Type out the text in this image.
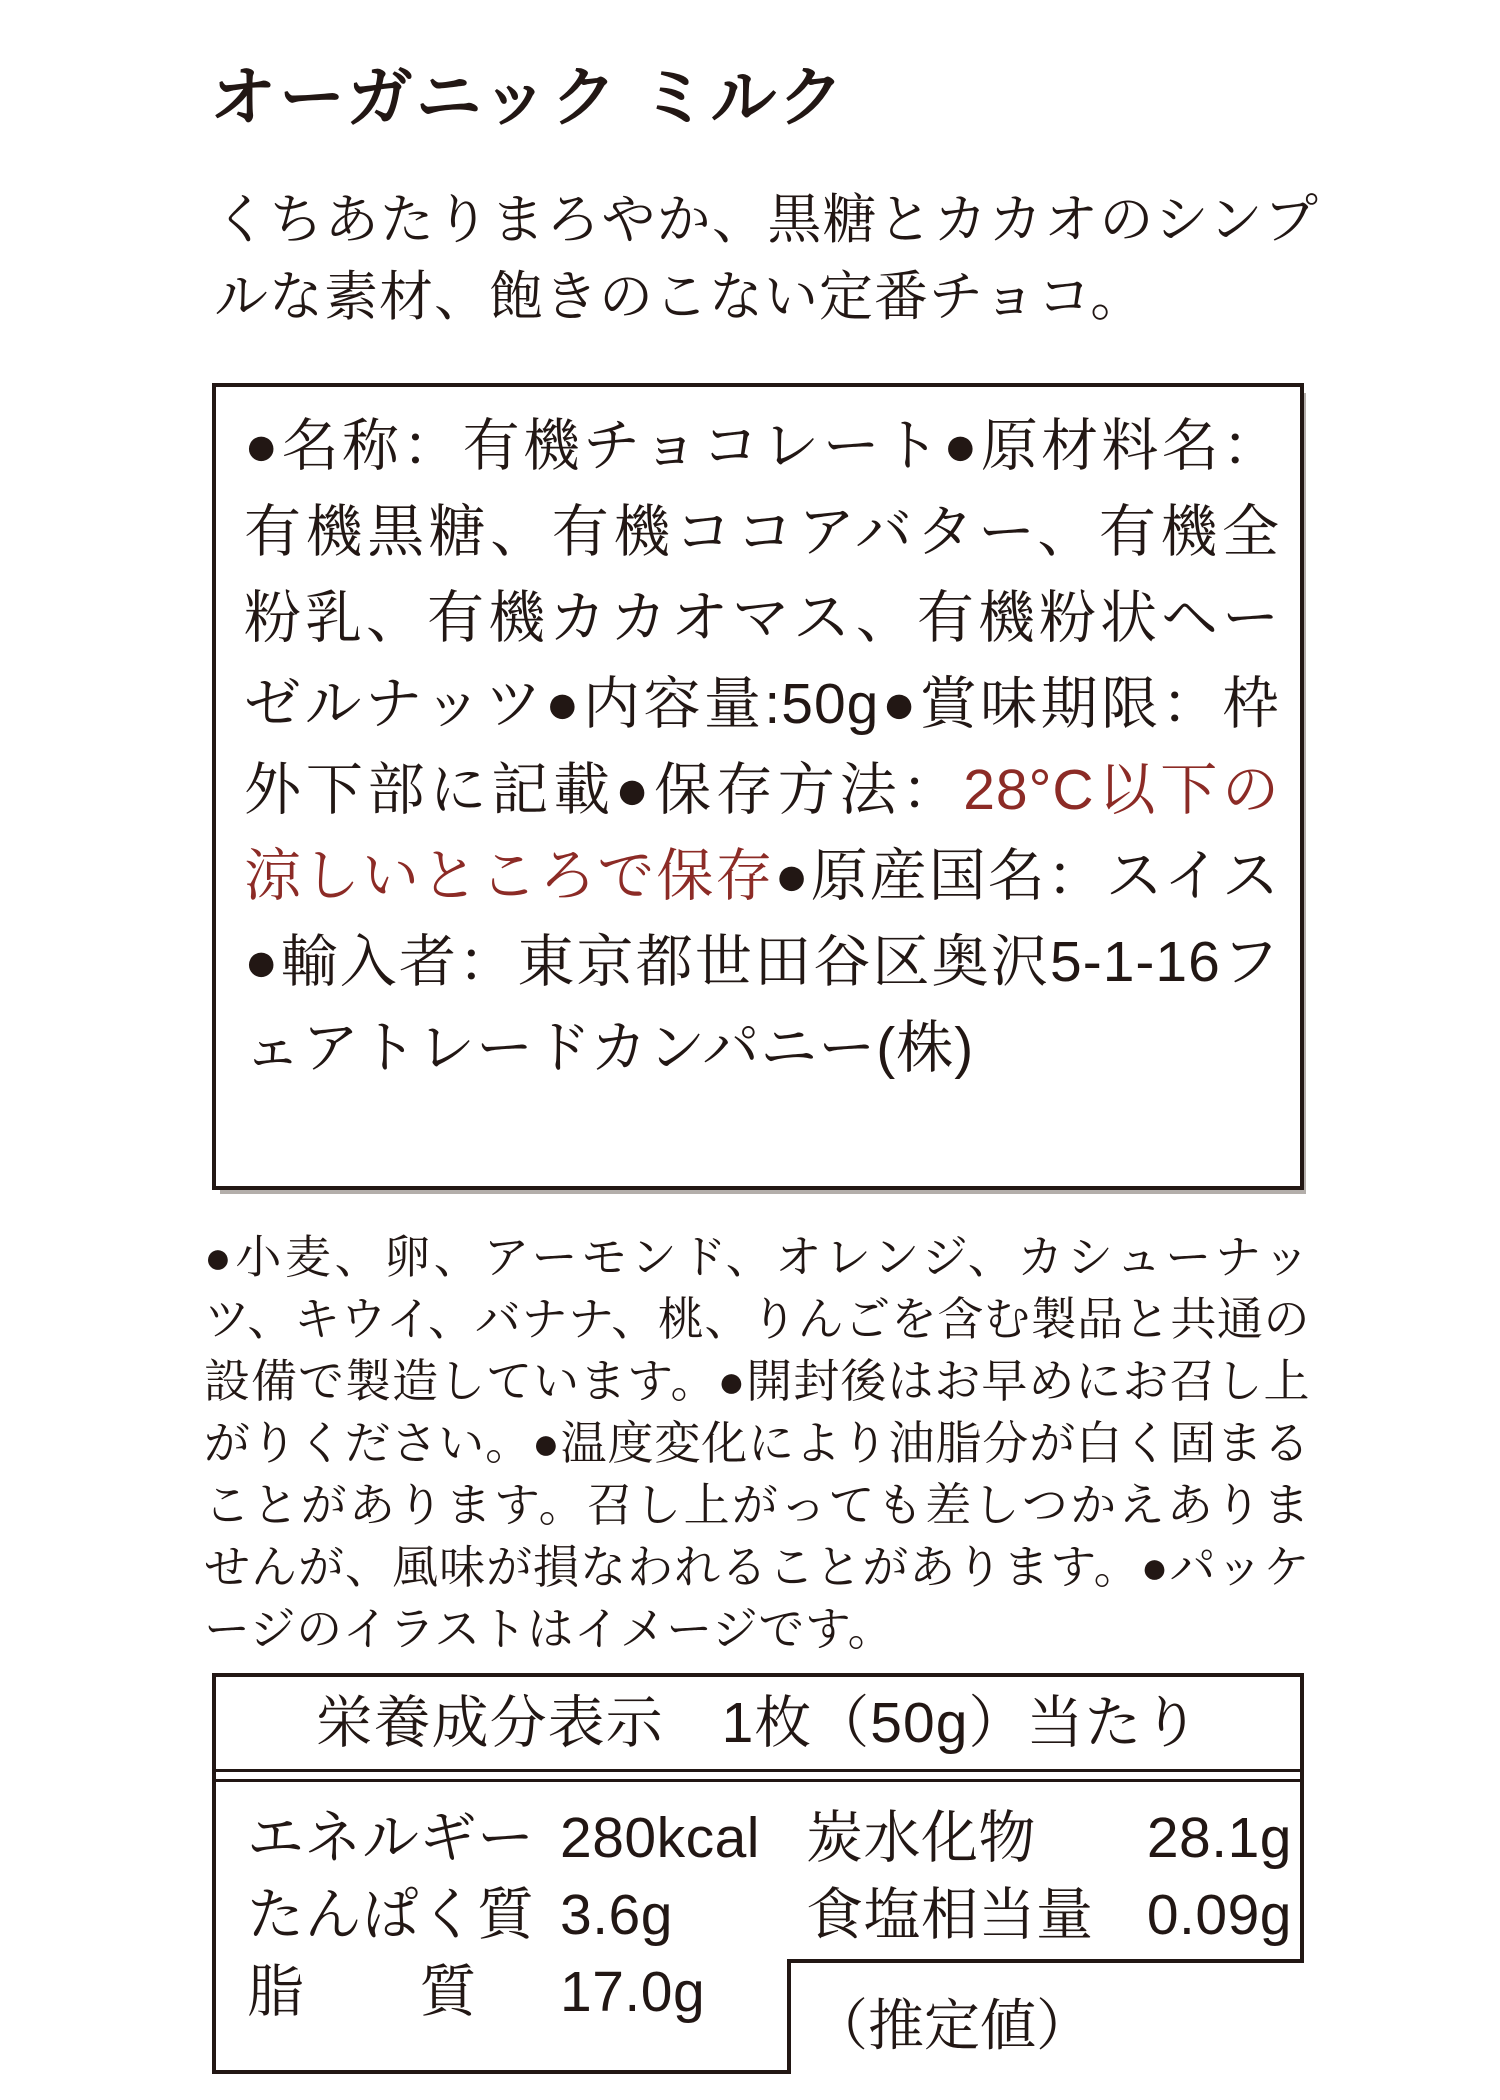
オーガニック ミルク
くちあたりまろやか、黒糖とカカオのシンプルな素材、飽きのこない定番チョコ。
●名称：有機チョコレート●原材料名：有機黒糖、有機ココアバター、有機全粉乳、有機カカオマス、有機粉状ヘーゼルナッツ●内容量:50g●賞味期限：枠外下部に記載●保存方法：28°C以下の涼しいところで保存●原産国名：スイス●輸入者：東京都世田谷区奥沢5-1-16フェアトレードカンパニー(株)
●小麦、卵、アーモンド、オレンジ、カシューナッツ、キウイ、バナナ、桃、りんごを含む製品と共通の設備で製造しています。●開封後はお早めにお召し上がりください。●温度変化により油脂分が白く固まることがあります。召し上がっても差しつかえありませんが、風味が損なわれることがあります。●パッケージのイラストはイメージです。
栄養成分表示　1枚（50g）当たり
エネルギー 280kcal 炭水化物	28.1g
たんぱく質 3.6g 食塩相当量 0.09g
脂　　質 17.0g
（推定値）
